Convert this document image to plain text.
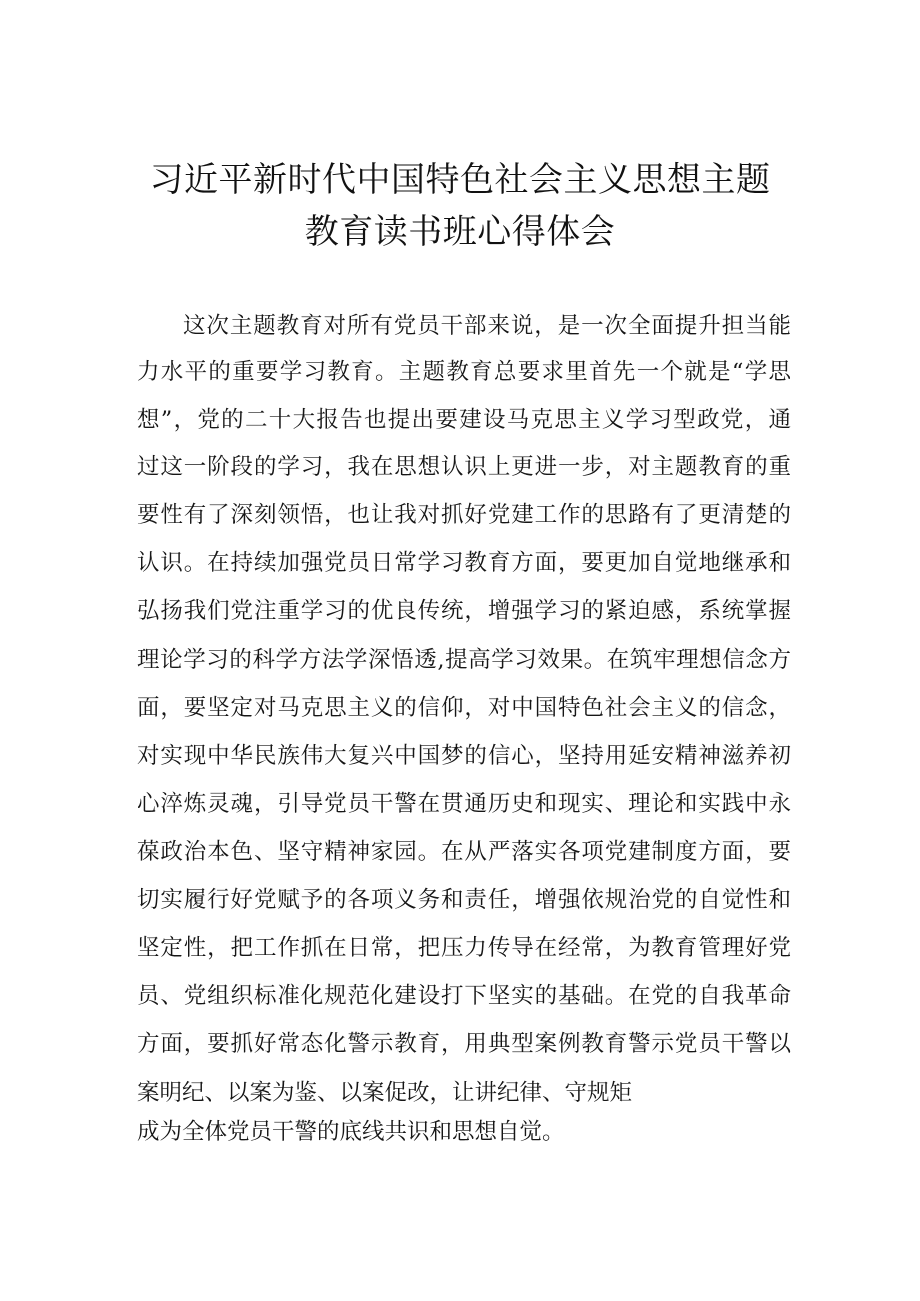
习近平新时代中国特色社会主义思想主题
教育读书班心得体会
这次主题教育对所有党员干部来说，是一次全面提升担当能
力水平的重要学习教育。主题教育总要求里首先一个就是“学思
想”，党的二十大报告也提出要建设马克思主义学习型政党，通
过这一阶段的学习，我在思想认识上更进一步，对主题教育的重
要性有了深刻领悟，也让我对抓好党建工作的思路有了更清楚的
认识。在持续加强党员日常学习教育方面，要更加自觉地继承和
弘扬我们党注重学习的优良传统，增强学习的紧迫感，系统掌握
理论学习的科学方法学深悟透,提高学习效果。在筑牢理想信念方
面，要坚定对马克思主义的信仰，对中国特色社会主义的信念，
对实现中华民族伟大复兴中国梦的信心，坚持用延安精神滋养初
心淬炼灵魂，引导党员干警在贯通历史和现实、理论和实践中永
葆政治本色、坚守精神家园。在从严落实各项党建制度方面，要
切实履行好党赋予的各项义务和责任，增强依规治党的自觉性和
坚定性，把工作抓在日常，把压力传导在经常，为教育管理好党
员、党组织标准化规范化建设打下坚实的基础。在党的自我革命
方面，要抓好常态化警示教育，用典型案例教育警示党员干警以
案明纪、以案为鉴、以案促改，让讲纪律、守规矩
成为全体党员干警的底线共识和思想自觉。
